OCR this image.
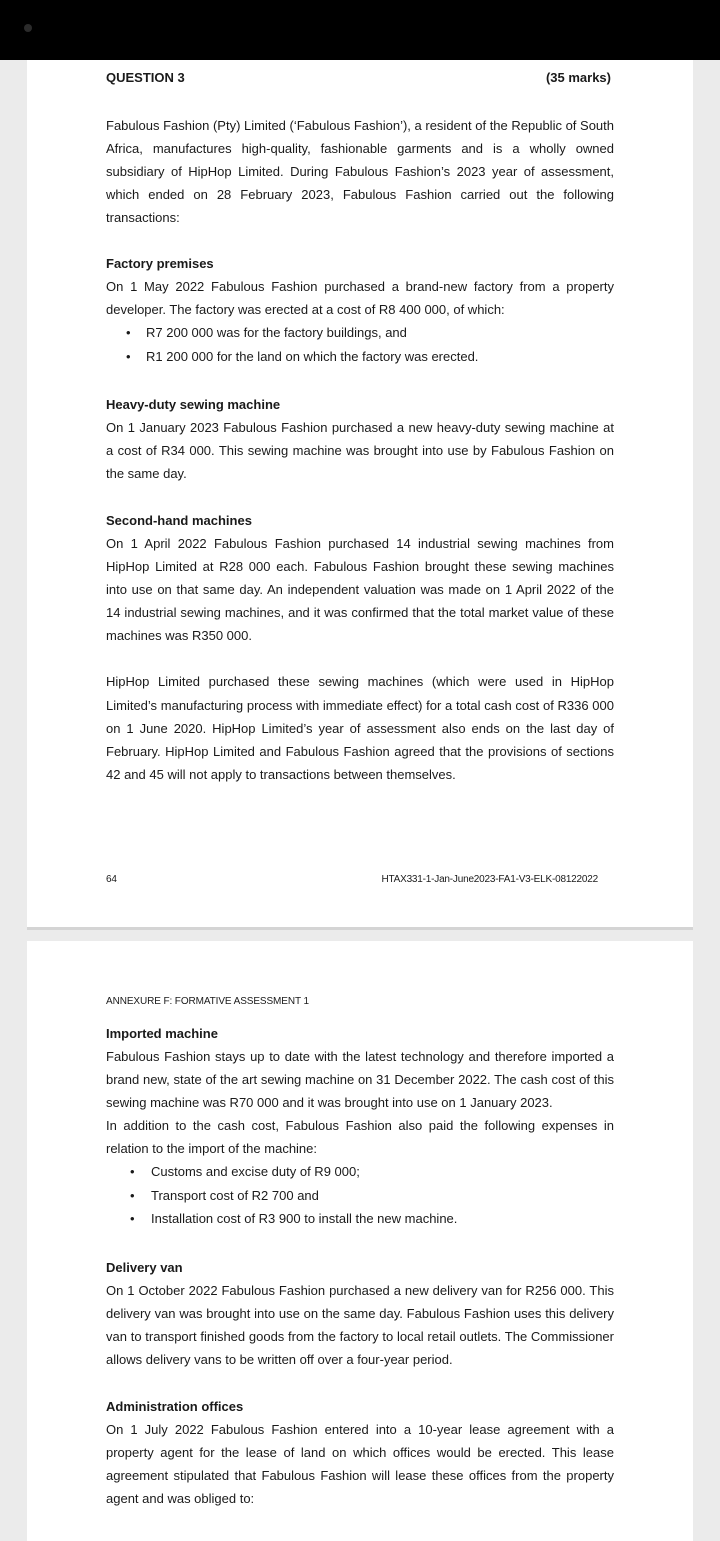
QUESTION 3	(35 marks)

Fabulous Fashion (Pty) Limited (‘Fabulous Fashion’), a resident of the Republic of South Africa, manufactures high-quality, fashionable garments and is a wholly owned subsidiary of HipHop Limited. During Fabulous Fashion’s 2023 year of assessment, which ended on 28 February 2023, Fabulous Fashion carried out the following transactions:

Factory premises

On 1 May 2022 Fabulous Fashion purchased a brand-new factory from a property developer. The factory was erected at a cost of R8 400 000, of which:

• R7 200 000 was for the factory buildings, and
• R1 200 000 for the land on which the factory was erected.

Heavy-duty sewing machine

On 1 January 2023 Fabulous Fashion purchased a new heavy-duty sewing machine at a cost of R34 000. This sewing machine was brought into use by Fabulous Fashion on the same day.

Second-hand machines

On 1 April 2022 Fabulous Fashion purchased 14 industrial sewing machines from HipHop Limited at R28 000 each. Fabulous Fashion brought these sewing machines into use on that same day. An independent valuation was made on 1 April 2022 of the 14 industrial sewing machines, and it was confirmed that the total market value of these machines was R350 000.

HipHop Limited purchased these sewing machines (which were used in HipHop Limited’s manufacturing process with immediate effect) for a total cash cost of R336 000 on 1 June 2020. HipHop Limited’s year of assessment also ends on the last day of February. HipHop Limited and Fabulous Fashion agreed that the provisions of sections 42 and 45 will not apply to transactions between themselves.

64	HTAX331-1-Jan-June2023-FA1-V3-ELK-08122022

ANNEXURE F: FORMATIVE ASSESSMENT 1

Imported machine

Fabulous Fashion stays up to date with the latest technology and therefore imported a brand new, state of the art sewing machine on 31 December 2022. The cash cost of this sewing machine was R70 000 and it was brought into use on 1 January 2023.

In addition to the cash cost, Fabulous Fashion also paid the following expenses in relation to the import of the machine:

• Customs and excise duty of R9 000;
• Transport cost of R2 700 and
• Installation cost of R3 900 to install the new machine.

Delivery van

On 1 October 2022 Fabulous Fashion purchased a new delivery van for R256 000. This delivery van was brought into use on the same day. Fabulous Fashion uses this delivery van to transport finished goods from the factory to local retail outlets. The Commissioner allows delivery vans to be written off over a four-year period.

Administration offices

On 1 July 2022 Fabulous Fashion entered into a 10-year lease agreement with a property agent for the lease of land on which offices would be erected. This lease agreement stipulated that Fabulous Fashion will lease these offices from the property agent and was obliged to:
